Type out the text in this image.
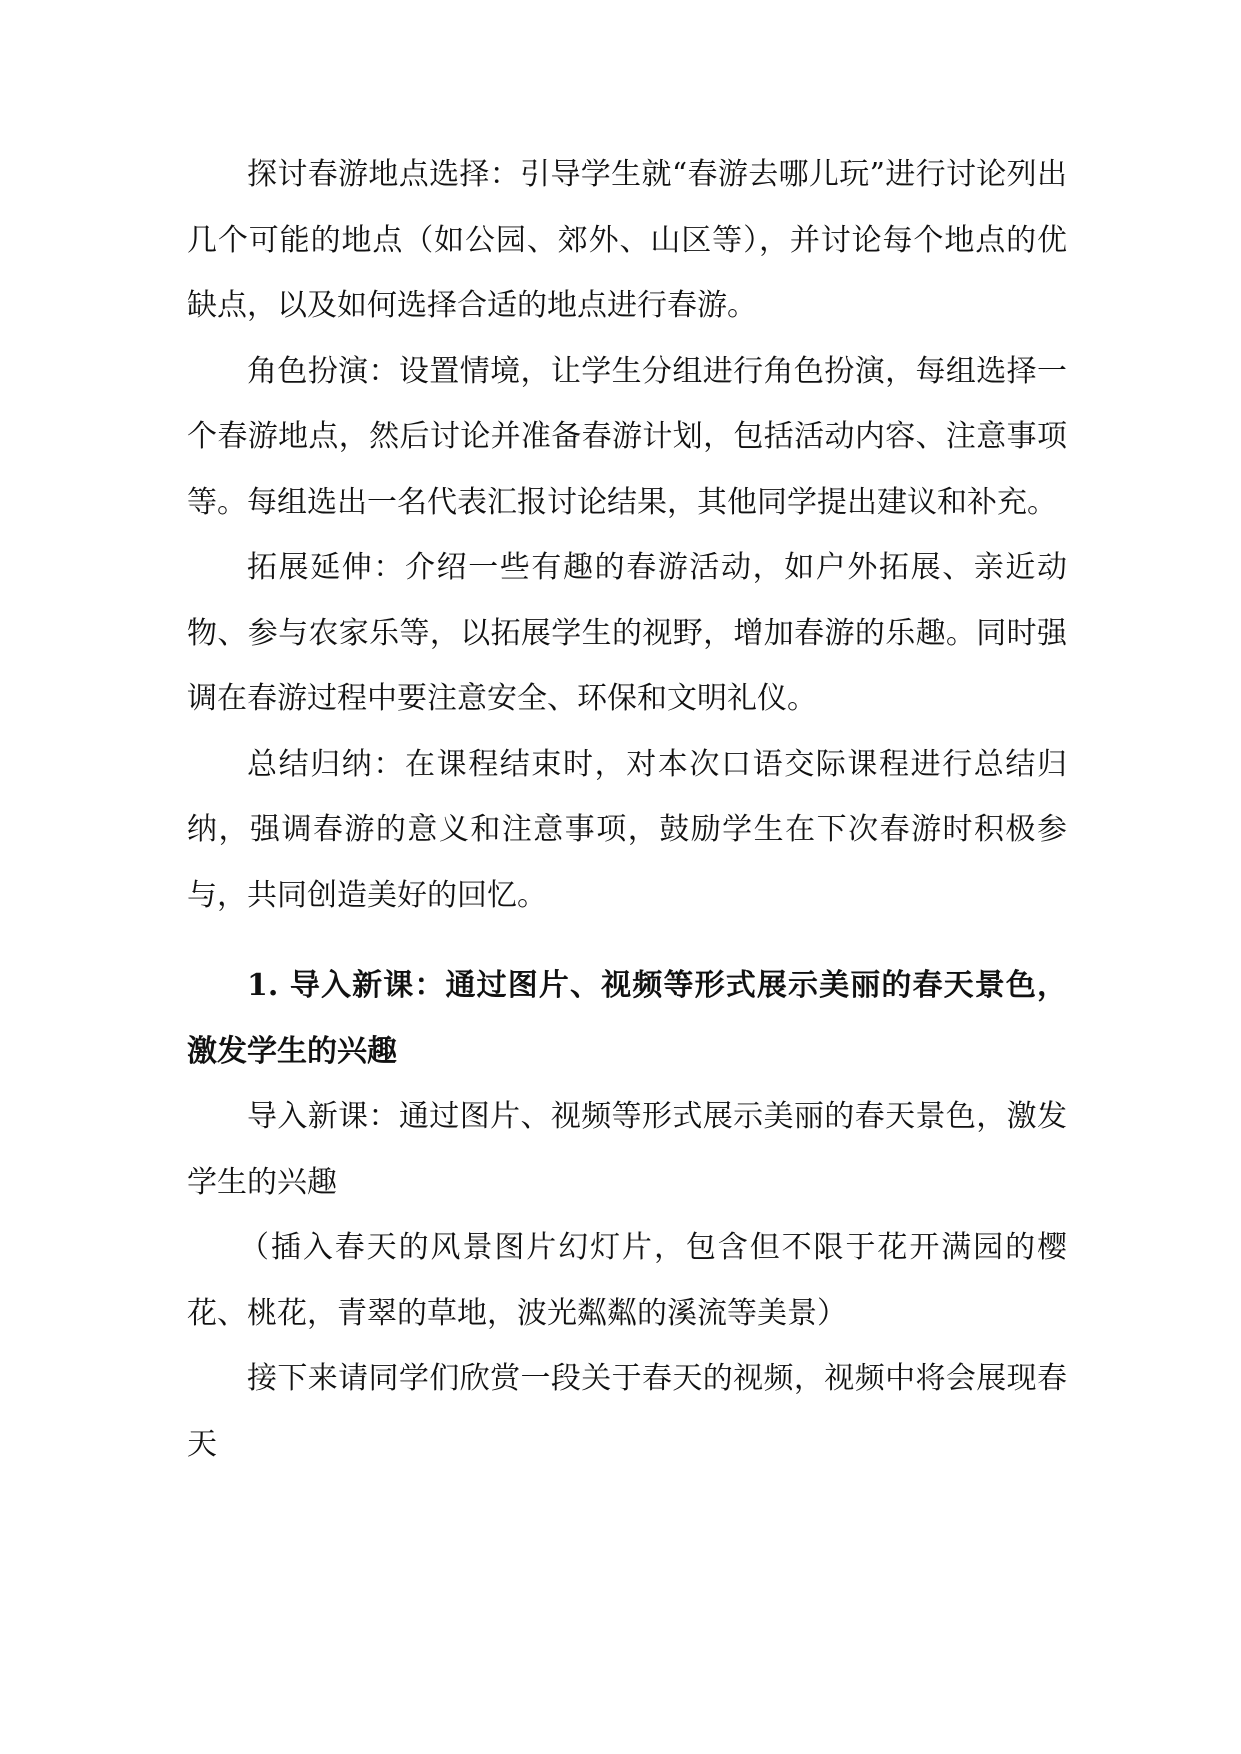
探讨春游地点选择：引导学生就“春游去哪儿玩”进行讨论列出几个可能的地点（如公园、郊外、山区等），并讨论每个地点的优缺点，以及如何选择合适的地点进行春游。

角色扮演：设置情境，让学生分组进行角色扮演，每组选择一个春游地点，然后讨论并准备春游计划，包括活动内容、注意事项等。每组选出一名代表汇报讨论结果，其他同学提出建议和补充。

拓展延伸：介绍一些有趣的春游活动，如户外拓展、亲近动物、参与农家乐等，以拓展学生的视野，增加春游的乐趣。同时强调在春游过程中要注意安全、环保和文明礼仪。

总结归纳：在课程结束时，对本次口语交际课程进行总结归纳，强调春游的意义和注意事项，鼓励学生在下次春游时积极参与，共同创造美好的回忆。

1. 导入新课：通过图片、视频等形式展示美丽的春天景色，激发学生的兴趣

导入新课：通过图片、视频等形式展示美丽的春天景色，激发学生的兴趣

（插入春天的风景图片幻灯片，包含但不限于花开满园的樱花、桃花，青翠的草地，波光粼粼的溪流等美景）

接下来请同学们欣赏一段关于春天的视频，视频中将会展现春天
